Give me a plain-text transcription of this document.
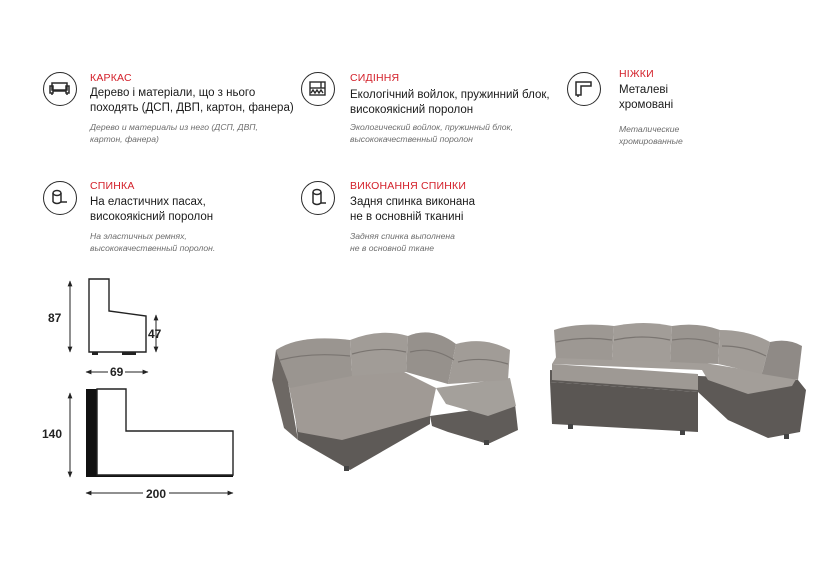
КАРКАС
Дерево і матеріали, що з нього
походять (ДСП, ДВП, картон, фанера)
Дерево и материалы из него (ДСП, ДВП,
картон, фанера)
СИДІННЯ
Екологічний войлок, пружинний блок,
високоякісний поролон
Экологический войлок, пружинный блок,
высококачественный поролон
НІЖКИ
Металеві
хромовані
Металические
хромированные
СПИНКА
На еластичних пасах,
високоякісний поролон
На эластичных ремнях,
высококачественный поролон.
ВИКОНАННЯ СПИНКИ
Задня спинка виконана
не в основній тканині
Задняя спинка выполнена
не в основной ткане
87
47
69
140
200
